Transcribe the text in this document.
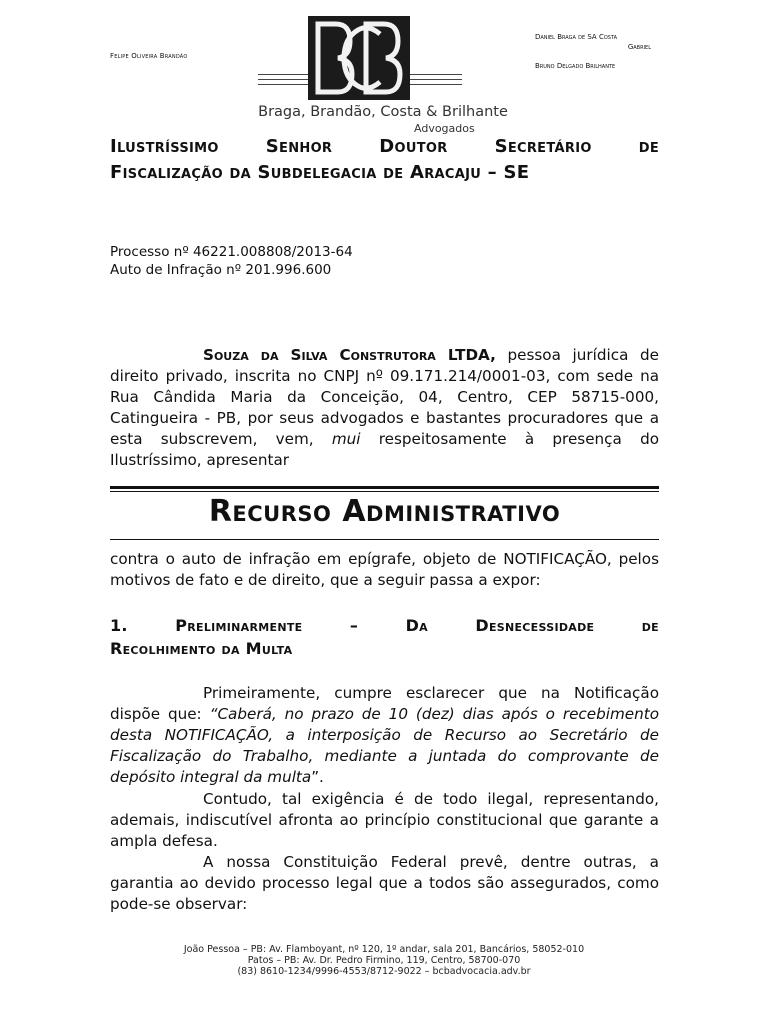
Felipe Oliveira Brandão
Daniel Braga de SA Costa
Gabriel
Bruno Delgado Brilhante
Braga, Brandão, Costa & Brilhante
Advogados
Ilustríssimo Senhor Doutor Secretário de
Fiscalização da Subdelegacia de Aracaju – SE
Processo nº 46221.008808/2013-64
Auto de Infração nº 201.996.600
Souza da Silva Construtora LTDA, pessoa jurídica de direito privado, inscrita no CNPJ nº 09.171.214/0001-03, com sede na Rua Cândida Maria da Conceição, 04, Centro, CEP 58715-000, Catingueira - PB, por seus advogados e bastantes procuradores que a esta subscrevem, vem, mui respeitosamente à presença do Ilustríssimo, apresentar
Recurso Administrativo
contra o auto de infração em epígrafe, objeto de NOTIFICAÇÃO, pelos motivos de fato e de direito, que a seguir passa a expor:
1. Preliminarmente – Da Desnecessidade de
Recolhimento da Multa
Primeiramente, cumpre esclarecer que na Notificação dispõe que: “Caberá, no prazo de 10 (dez) dias após o recebimento desta NOTIFICAÇÃO, a interposição de Recurso ao Secretário de Fiscalização do Trabalho, mediante a juntada do comprovante de depósito integral da multa”.
Contudo, tal exigência é de todo ilegal, representando, ademais, indiscutível afronta ao princípio constitucional que garante a ampla defesa.
A nossa Constituição Federal prevê, dentre outras, a garantia ao devido processo legal que a todos são assegurados, como pode-se observar:
João Pessoa – PB: Av. Flamboyant, nº 120, 1º andar, sala 201, Bancários, 58052-010
Patos – PB: Av. Dr. Pedro Firmino, 119, Centro, 58700-070
(83) 8610-1234/9996-4553/8712-9022 – bcbadvocacia.adv.br
